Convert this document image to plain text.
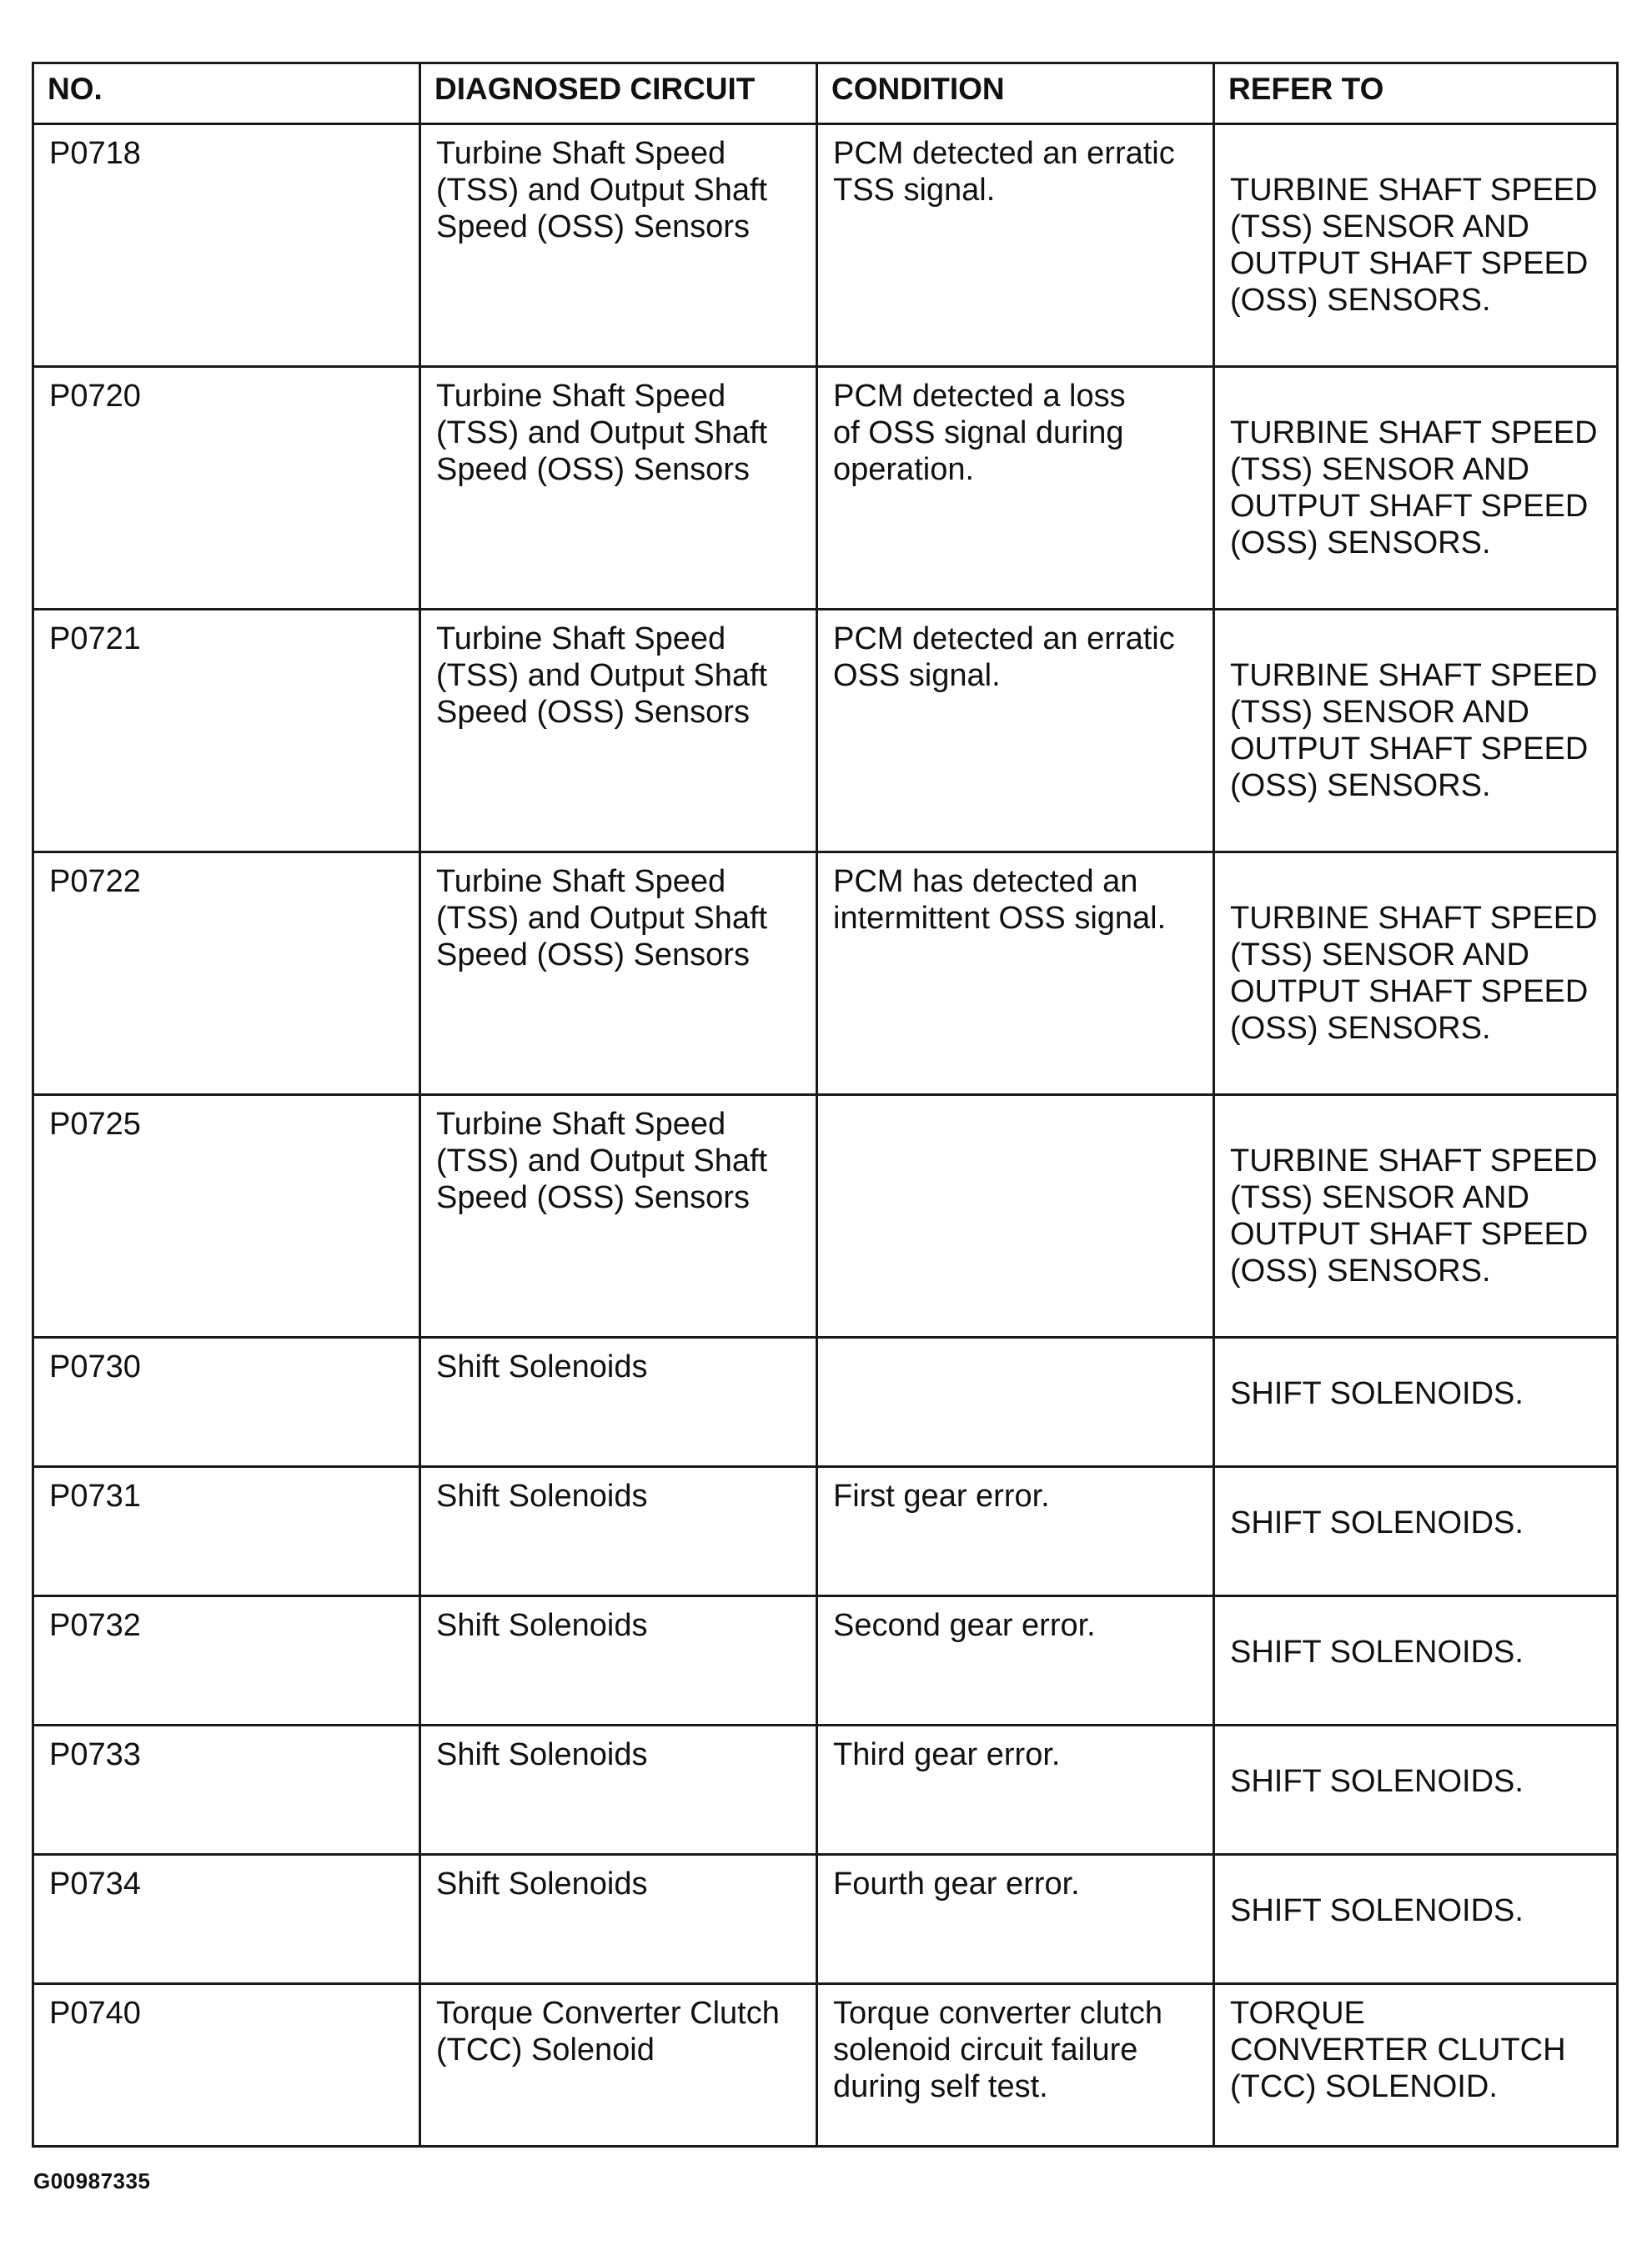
NO.	DIAGNOSED CIRCUIT	CONDITION	REFER TO

P0718	Turbine Shaft Speed
(TSS) and Output Shaft
Speed (OSS) Sensors	PCM detected an erratic
TSS signal.	TURBINE SHAFT SPEED
(TSS) SENSOR AND
OUTPUT SHAFT SPEED
(OSS) SENSORS.

P0720	Turbine Shaft Speed
(TSS) and Output Shaft
Speed (OSS) Sensors	PCM detected a loss
of OSS signal during
operation.	TURBINE SHAFT SPEED
(TSS) SENSOR AND
OUTPUT SHAFT SPEED
(OSS) SENSORS.

P0721	Turbine Shaft Speed
(TSS) and Output Shaft
Speed (OSS) Sensors	PCM detected an erratic
OSS signal.	TURBINE SHAFT SPEED
(TSS) SENSOR AND
OUTPUT SHAFT SPEED
(OSS) SENSORS.

P0722	Turbine Shaft Speed
(TSS) and Output Shaft
Speed (OSS) Sensors	PCM has detected an
intermittent OSS signal.	TURBINE SHAFT SPEED
(TSS) SENSOR AND
OUTPUT SHAFT SPEED
(OSS) SENSORS.

P0725	Turbine Shaft Speed
(TSS) and Output Shaft
Speed (OSS) Sensors		TURBINE SHAFT SPEED
(TSS) SENSOR AND
OUTPUT SHAFT SPEED
(OSS) SENSORS.

P0730	Shift Solenoids		SHIFT SOLENOIDS.

P0731	Shift Solenoids	First gear error.	SHIFT SOLENOIDS.

P0732	Shift Solenoids	Second gear error.	SHIFT SOLENOIDS.

P0733	Shift Solenoids	Third gear error.	SHIFT SOLENOIDS.

P0734	Shift Solenoids	Fourth gear error.	SHIFT SOLENOIDS.

P0740	Torque Converter Clutch
(TCC) Solenoid	Torque converter clutch
solenoid circuit failure
during self test.	TORQUE
CONVERTER CLUTCH
(TCC) SOLENOID.
G00987335
